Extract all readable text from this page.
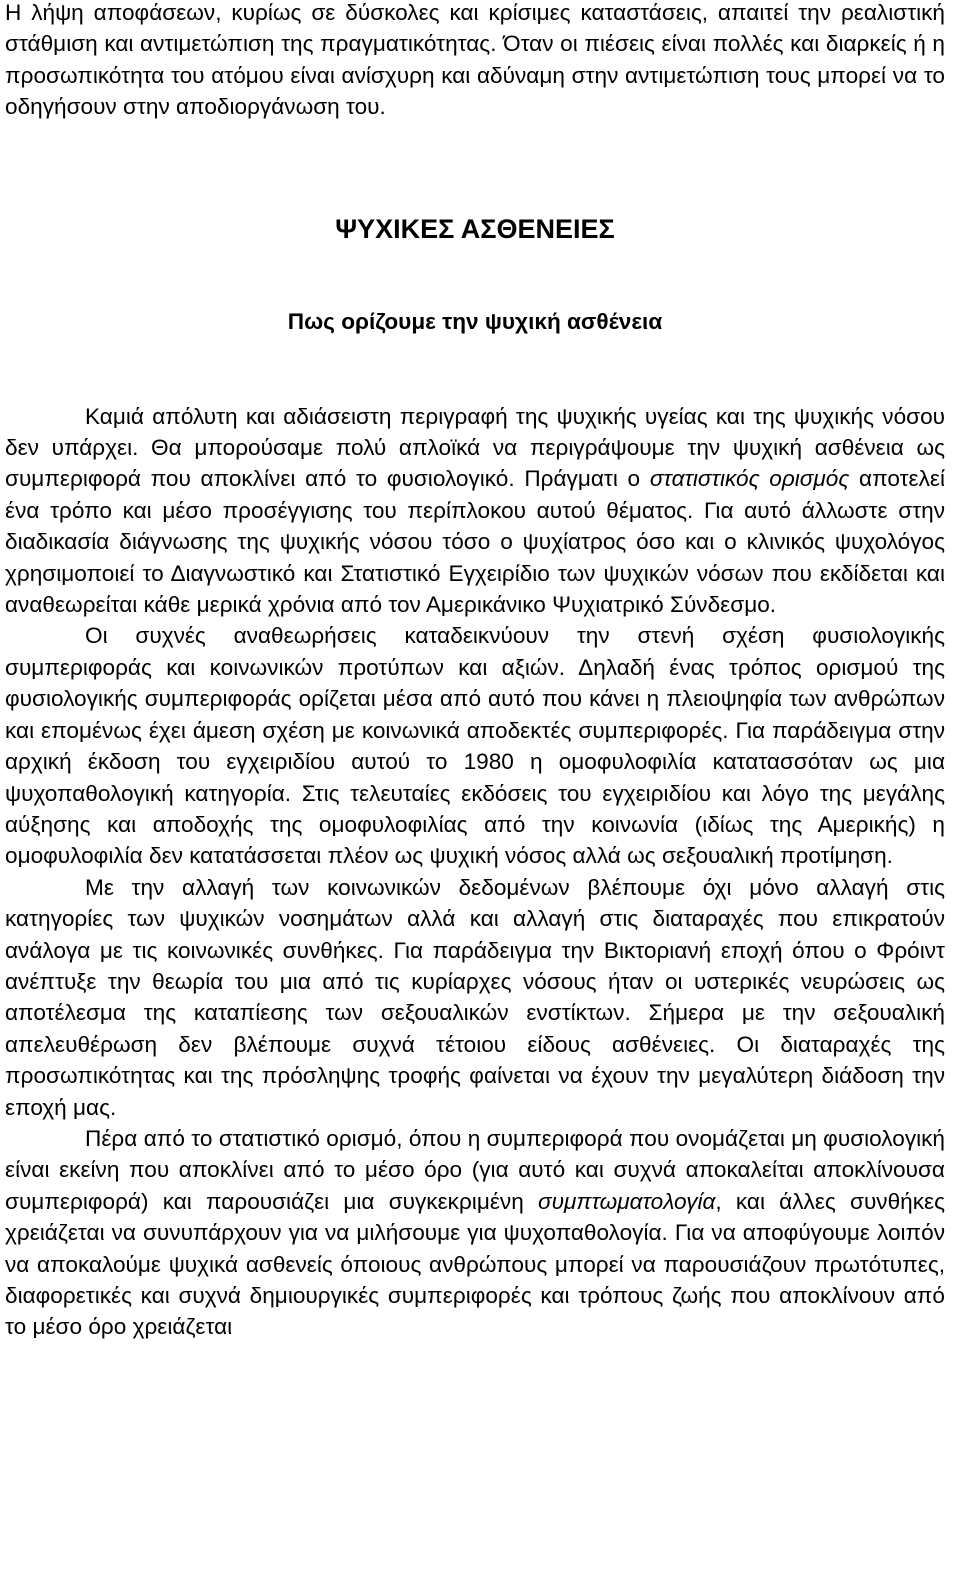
Η λήψη αποφάσεων, κυρίως σε δύσκολες και κρίσιμες καταστάσεις, απαιτεί την ρεαλιστική στάθμιση και αντιμετώπιση της πραγματικότητας. Όταν οι πιέσεις είναι πολλές και διαρκείς ή η προσωπικότητα του ατόμου είναι ανίσχυρη και αδύναμη στην αντιμετώπιση τους μπορεί να το οδηγήσουν στην αποδιοργάνωση του.

ΨΥΧΙΚΕΣ ΑΣΘΕΝΕΙΕΣ
Πως ορίζουμε την ψυχική ασθένεια

Καμιά απόλυτη και αδιάσειστη περιγραφή της ψυχικής υγείας και της ψυχικής νόσου δεν υπάρχει. Θα μπορούσαμε πολύ απλοϊκά να περιγράψουμε την ψυχική ασθένεια ως συμπεριφορά που αποκλίνει από το φυσιολογικό. Πράγματι ο στατιστικός ορισμός αποτελεί ένα τρόπο και μέσο προσέγγισης του περίπλοκου αυτού θέματος. Για αυτό άλλωστε στην διαδικασία διάγνωσης της ψυχικής νόσου τόσο ο ψυχίατρος όσο και ο κλινικός ψυχολόγος χρησιμοποιεί το Διαγνωστικό και Στατιστικό Εγχειρίδιο των ψυχικών νόσων που εκδίδεται και αναθεωρείται κάθε μερικά χρόνια από τον Αμερικάνικο Ψυχιατρικό Σύνδεσμο.

Οι συχνές αναθεωρήσεις καταδεικνύουν την στενή σχέση φυσιολογικής συμπεριφοράς και κοινωνικών προτύπων και αξιών. Δηλαδή ένας τρόπος ορισμού της φυσιολογικής συμπεριφοράς ορίζεται μέσα από αυτό που κάνει η πλειοψηφία των ανθρώπων και επομένως έχει άμεση σχέση με κοινωνικά αποδεκτές συμπεριφορές. Για παράδειγμα στην αρχική έκδοση του εγχειριδίου αυτού το 1980 η ομοφυλοφιλία κατατασσόταν ως μια ψυχοπαθολογική κατηγορία. Στις τελευταίες εκδόσεις του εγχειριδίου και λόγο της μεγάλης αύξησης και αποδοχής της ομοφυλοφιλίας από την κοινωνία (ιδίως της Αμερικής) η ομοφυλοφιλία δεν κατατάσσεται πλέον ως ψυχική νόσος αλλά ως σεξουαλική προτίμηση.

Με την αλλαγή των κοινωνικών δεδομένων βλέπουμε όχι μόνο αλλαγή στις κατηγορίες των ψυχικών νοσημάτων αλλά και αλλαγή στις διαταραχές που επικρατούν ανάλογα με τις κοινωνικές συνθήκες. Για παράδειγμα την Βικτοριανή εποχή όπου ο Φρόιντ ανέπτυξε την θεωρία του μια από τις κυρίαρχες νόσους ήταν οι υστερικές νευρώσεις ως αποτέλεσμα της καταπίεσης των σεξουαλικών ενστίκτων. Σήμερα με την σεξουαλική απελευθέρωση δεν βλέπουμε συχνά τέτοιου είδους ασθένειες. Οι διαταραχές της προσωπικότητας και της πρόσληψης τροφής φαίνεται να έχουν την μεγαλύτερη διάδοση την εποχή μας.

Πέρα από το στατιστικό ορισμό, όπου η συμπεριφορά που ονομάζεται μη φυσιολογική είναι εκείνη που αποκλίνει από το μέσο όρο (για αυτό και συχνά αποκαλείται αποκλίνουσα συμπεριφορά) και παρουσιάζει μια συγκεκριμένη συμπτωματολογία, και άλλες συνθήκες χρειάζεται να συνυπάρχουν για να μιλήσουμε για ψυχοπαθολογία. Για να αποφύγουμε λοιπόν να αποκαλούμε ψυχικά ασθενείς όποιους ανθρώπους μπορεί να παρουσιάζουν πρωτότυπες, διαφορετικές και συχνά δημιουργικές συμπεριφορές και τρόπους ζωής που αποκλίνουν από το μέσο όρο χρειάζεται
